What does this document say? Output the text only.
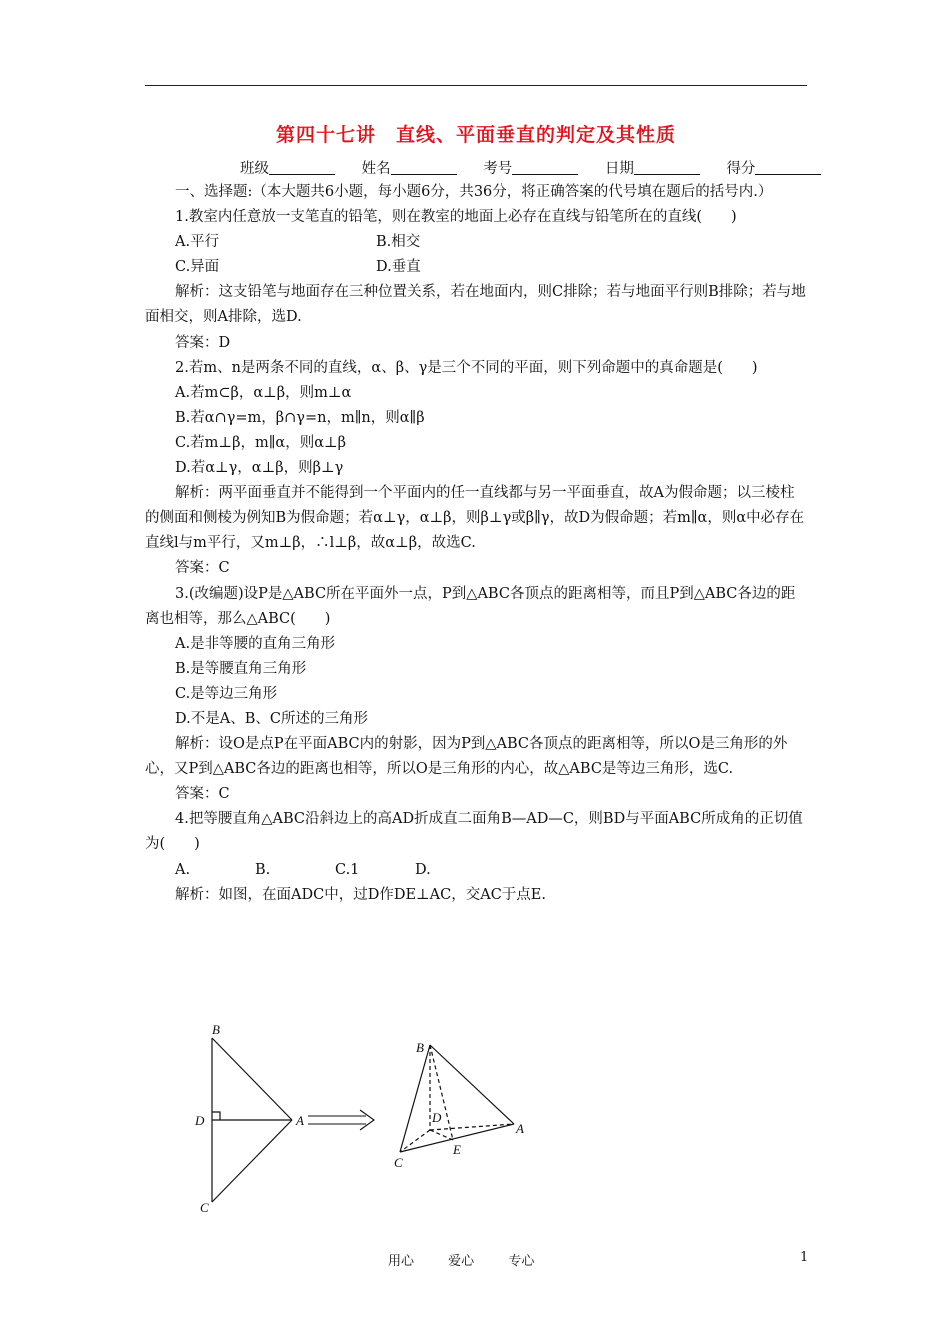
第四十七讲　直线、平面垂直的判定及其性质
班级	姓名	考号	日期	得分

一、选择题:（本大题共6小题，每小题6分，共36分，将正确答案的代号填在题后的括号内.）

1.教室内任意放一支笔直的铅笔，则在教室的地面上必存在直线与铅笔所在的直线(　　)

A.平行	B.相交
C.异面	D.垂直

解析：这支铅笔与地面存在三种位置关系，若在地面内，则C排除；若与地面平行则B排除；若与地面相交，则A排除，选D.

答案：D

2.若m、n是两条不同的直线，α、β、γ是三个不同的平面，则下列命题中的真命题是(　　)

A.若m⊂β，α⊥β，则m⊥α
B.若α∩γ=m，β∩γ=n，m∥n，则α∥β
C.若m⊥β，m∥α，则α⊥β
D.若α⊥γ，α⊥β，则β⊥γ

解析：两平面垂直并不能得到一个平面内的任一直线都与另一平面垂直，故A为假命题；以三棱柱的侧面和侧棱为例知B为假命题；若α⊥γ，α⊥β，则β⊥γ或β∥γ，故D为假命题；若m∥α，则α中必存在直线l与m平行，又m⊥β，∴l⊥β，故α⊥β，故选C.

答案：C

3.(改编题)设P是△ABC所在平面外一点，P到△ABC各顶点的距离相等，而且P到△ABC各边的距离也相等，那么△ABC(　　)

A.是非等腰的直角三角形
B.是等腰直角三角形
C.是等边三角形
D.不是A、B、C所述的三角形

解析：设O是点P在平面ABC内的射影，因为P到△ABC各顶点的距离相等，所以O是三角形的外心，又P到△ABC各边的距离也相等，所以O是三角形的内心，故△ABC是等边三角形，选C.

答案：C

4.把等腰直角△ABC沿斜边上的高AD折成直二面角B—AD—C，则BD与平面ABC所成角的正切值为(　　)

A.	B.	C.1	D.

解析：如图，在面ADC中，过D作DE⊥AC，交AC于点E.

B
D	A
C
B
D
A
E
C
用心	爱心	专心	1
